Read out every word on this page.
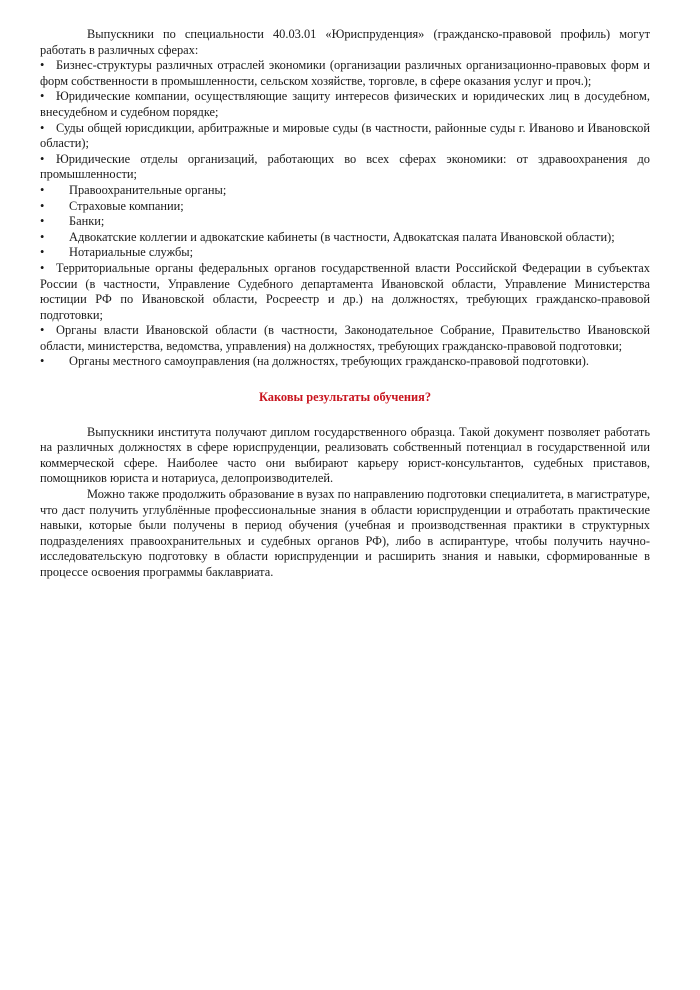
Выпускники по специальности 40.03.01 «Юриспруденция» (гражданско-правовой профиль) могут работать в различных сферах:

• Бизнес-структуры различных отраслей экономики (организации различных организационно-правовых форм и форм собственности в промышленности, сельском хозяйстве, торговле, в сфере оказания услуг и проч.);

• Юридические компании, осуществляющие защиту интересов физических и юридических лиц в досудебном, внесудебном и судебном порядке;

• Суды общей юрисдикции, арбитражные и мировые суды (в частности, районные суды г. Иваново и Ивановской области);

• Юридические отделы организаций, работающих во всех сферах экономики: от здравоохранения до промышленности;

• Правоохранительные органы;

• Страховые компании;

• Банки;

• Адвокатские коллегии и адвокатские кабинеты (в частности, Адвокатская палата Ивановской области);

• Нотариальные службы;

• Территориальные органы федеральных органов государственной власти Российской Федерации в субъектах России (в частности, Управление Судебного департамента Ивановской области, Управление Министерства юстиции РФ по Ивановской области, Росреестр и др.) на должностях, требующих гражданско-правовой подготовки;

• Органы власти Ивановской области (в частности, Законодательное Собрание, Правительство Ивановской области, министерства, ведомства, управления) на должностях, требующих гражданско-правовой подготовки;

• Органы местного самоуправления (на должностях, требующих гражданско-правовой подготовки).

Каковы результаты обучения?

Выпускники института получают диплом государственного образца. Такой документ позволяет работать на различных должностях в сфере юриспруденции, реализовать собственный потенциал в государственной или коммерческой сфере. Наиболее часто они выбирают карьеру юрист-консультантов, судебных приставов, помощников юриста и нотариуса, делопроизводителей.

Можно также продолжить образование в вузах по направлению подготовки специалитета, в магистратуре, что даст получить углублённые профессиональные знания в области юриспруденции и отработать практические навыки, которые были получены в период обучения (учебная и производственная практики в структурных подразделениях правоохранительных и судебных органов РФ), либо в аспирантуре, чтобы получить научно-исследовательскую подготовку в области юриспруденции и расширить знания и навыки, сформированные в процессе освоения программы баклавриата.
